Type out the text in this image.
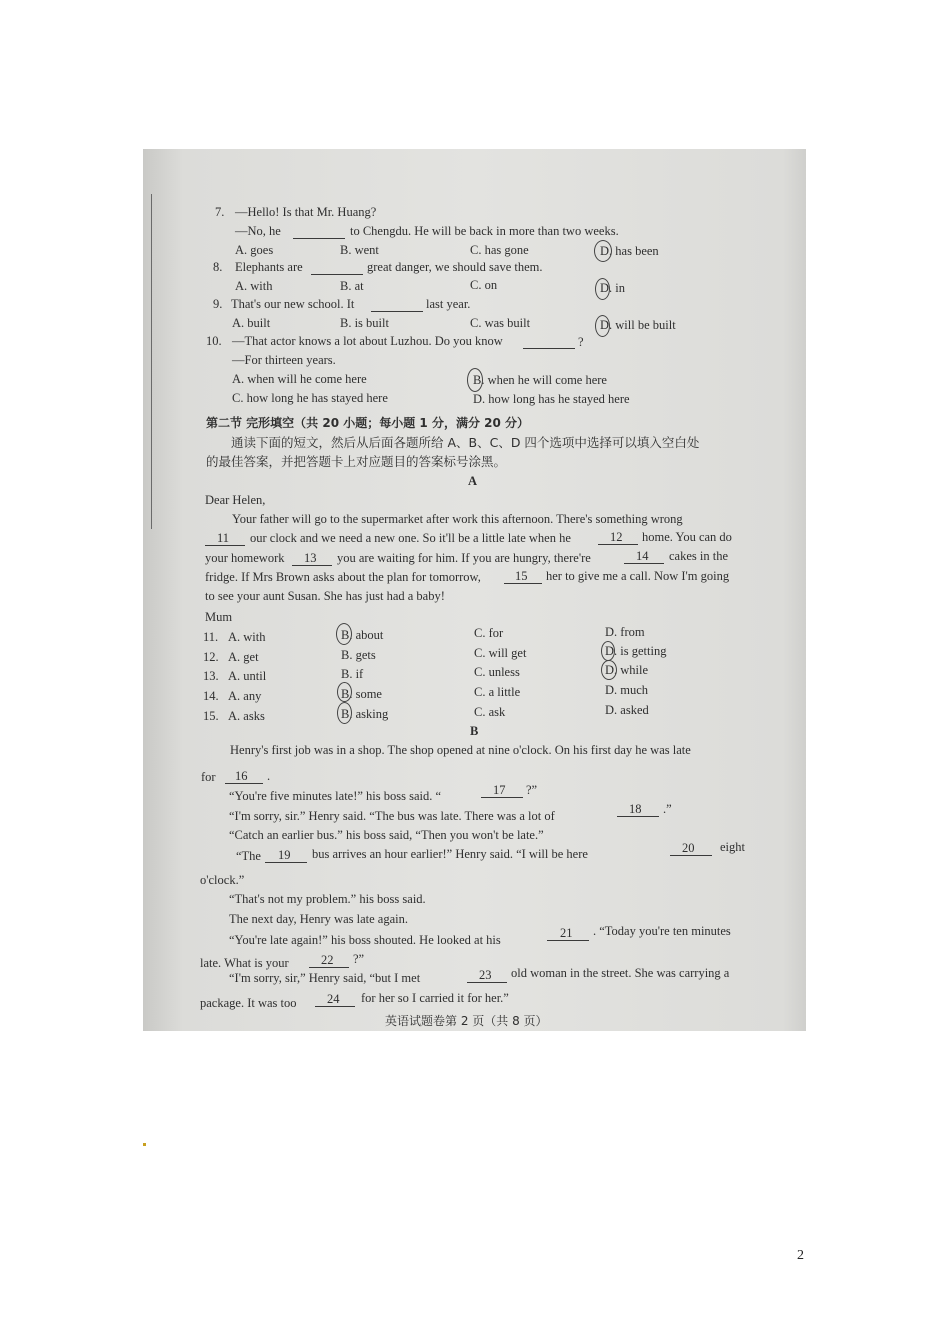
7. —Hello! Is that Mr. Huang?
—No, he	to Chengdu. He will be back in more than two weeks.
A. goes	B. went	C. has gone	D. has been
8. Elephants are	great danger, we should save them.
A. with	B. at	C. on	D. in
9. That's our new school. It	last year.
A. built	B. is built	C. was built	D. will be built
10. —That actor knows a lot about Luzhou. Do you know	?
—For thirteen years.
A. when will he come here	B. when he will come here
C. how long he has stayed here	D. how long has he stayed here
第二节 完形填空（共 20 小题；每小题 1 分，满分 20 分）
通读下面的短文，然后从后面各题所给 A、B、C、D 四个选项中选择可以填入空白处
的最佳答案，并把答题卡上对应题目的答案标号涂黑。
A
Dear Helen,
Your father will go to the supermarket after work this afternoon. There's something wrong
11 our clock and we need a new one. So it'll be a little late when he	12 home. You can do
your homework 13 you are waiting for him. If you are hungry, there're	14 cakes in the
fridge. If Mrs Brown asks about the plan for tomorrow,	15 her to give me a call. Now I'm going
to see your aunt Susan. She has just had a baby!
Mum
11. A. with	B. about	C. for	D. from
12. A. get	B. gets	C. will get	D. is getting
13. A. until	B. if	C. unless	D. while
14. A. any	B. some	C. a little	D. much
15. A. asks	B. asking	C. ask	D. asked
B
Henry's first job was in a shop. The shop opened at nine o'clock. On his first day he was late
for 16 .
“You're five minutes late!” his boss said. “	17 ?”
“I'm sorry, sir.” Henry said. “The bus was late. There was a lot of	18 .”
“Catch an earlier bus.” his boss said, “Then you won't be late.”
“The 19 bus arrives an hour earlier!” Henry said. “I will be here	20 eight
o'clock.”
“That's not my problem.” his boss said.
The next day, Henry was late again.
“You're late again!” his boss shouted. He looked at his	21 . “Today you're ten minutes
late. What is your	22 ?”
“I'm sorry, sir,” Henry said, “but I met	23 old woman in the street. She was carrying a
package. It was too 24 for her so I carried it for her.”
英语试题卷第 2 页（共 8 页）
2
